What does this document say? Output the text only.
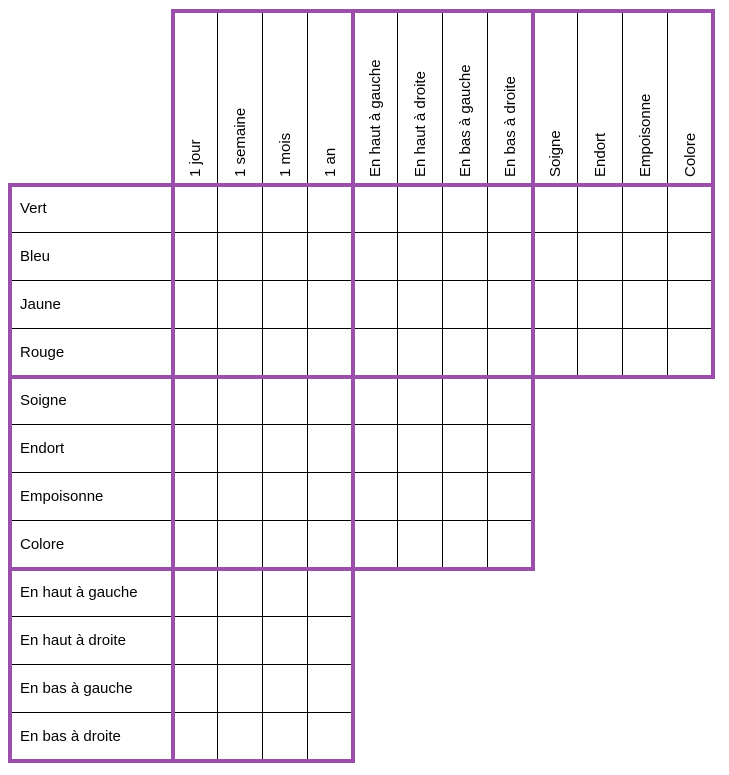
Vert
Bleu
Jaune
Rouge
Soigne
Endort
Empoisonne
Colore
En haut à gauche
En haut à droite
En bas à gauche
En bas à droite
1 jour 1 semaine 1 mois 1 an En haut à gauche En haut à droite En bas à gauche En bas à droite Soigne Endort Empoisonne Colore
